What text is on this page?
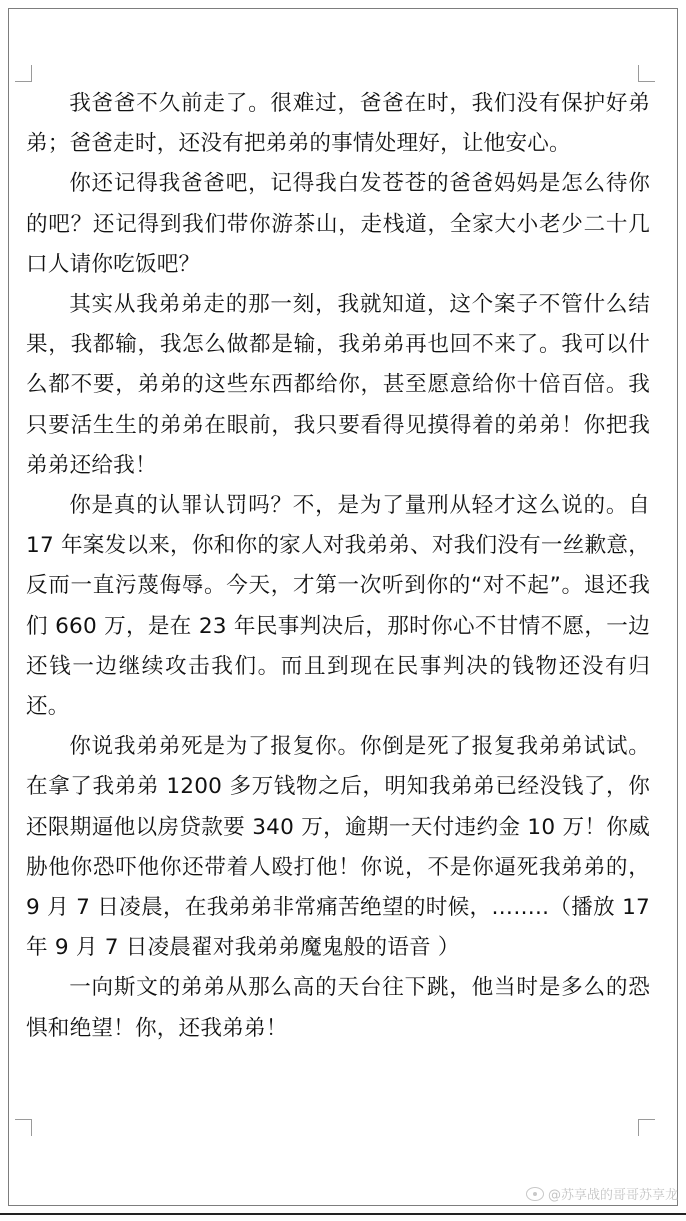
我爸爸不久前走了。很难过，爸爸在时，我们没有保护好弟弟；爸爸走时，还没有把弟弟的事情处理好，让他安心。

你还记得我爸爸吧，记得我白发苍苍的爸爸妈妈是怎么待你的吧？还记得到我们带你游茶山，走栈道，全家大小老少二十几口人请你吃饭吧？

其实从我弟弟走的那一刻，我就知道，这个案子不管什么结果，我都输，我怎么做都是输，我弟弟再也回不来了。我可以什么都不要，弟弟的这些东西都给你，甚至愿意给你十倍百倍。我只要活生生的弟弟在眼前，我只要看得见摸得着的弟弟！你把我弟弟还给我！

你是真的认罪认罚吗？不，是为了量刑从轻才这么说的。自 17 年案发以来，你和你的家人对我弟弟、对我们没有一丝歉意，反而一直污蔑侮辱。今天，才第一次听到你的“对不起”。退还我们 660 万，是在 23 年民事判决后，那时你心不甘情不愿，一边还钱一边继续攻击我们。而且到现在民事判决的钱物还没有归还。

你说我弟弟死是为了报复你。你倒是死了报复我弟弟试试。在拿了我弟弟 1200 多万钱物之后，明知我弟弟已经没钱了，你还限期逼他以房贷款要 340 万，逾期一天付违约金 10 万！你威胁他你恐吓他你还带着人殴打他！你说，不是你逼死我弟弟的，9 月 7 日凌晨，在我弟弟非常痛苦绝望的时候，……..（播放 17 年 9 月 7 日凌晨翟对我弟弟魔鬼般的语音 ）

一向斯文的弟弟从那么高的天台往下跳，他当时是多么的恐惧和绝望！你，还我弟弟！

@苏享战的哥哥苏享龙
